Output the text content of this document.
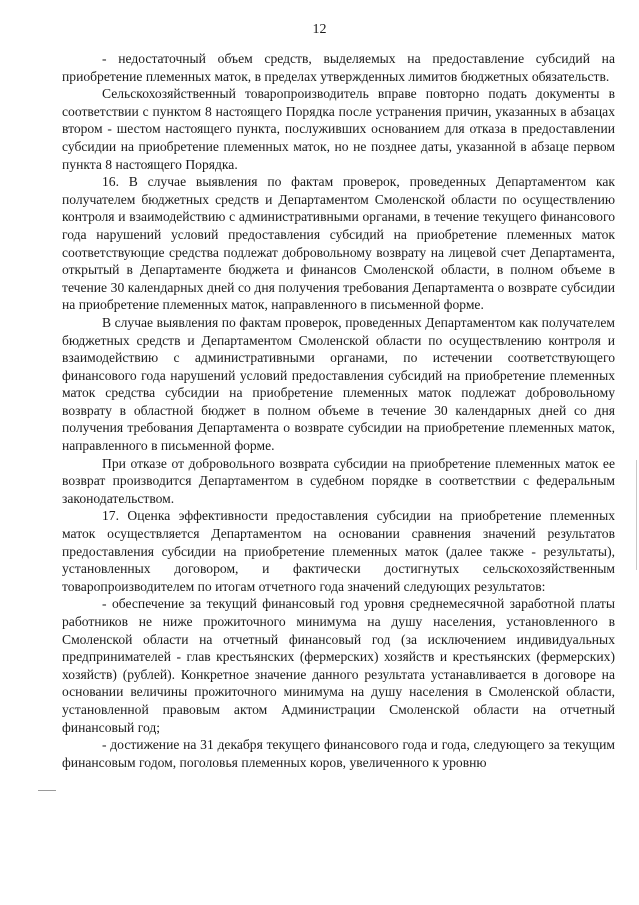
12

- недостаточный объем средств, выделяемых на предоставление субсидий на приобретение племенных маток, в пределах утвержденных лимитов бюджетных обязательств.

Сельскохозяйственный товаропроизводитель вправе повторно подать документы в соответствии с пунктом 8 настоящего Порядка после устранения причин, указанных в абзацах втором - шестом настоящего пункта, послуживших основанием для отказа в предоставлении субсидии на приобретение племенных маток, но не позднее даты, указанной в абзаце первом пункта 8 настоящего Порядка.

16. В случае выявления по фактам проверок, проведенных Департаментом как получателем бюджетных средств и Департаментом Смоленской области по осуществлению контроля и взаимодействию с административными органами, в течение текущего финансового года нарушений условий предоставления субсидий на приобретение племенных маток соответствующие средства подлежат добровольному возврату на лицевой счет Департамента, открытый в Департаменте бюджета и финансов Смоленской области, в полном объеме в течение 30 календарных дней со дня получения требования Департамента о возврате субсидии на приобретение племенных маток, направленного в письменной форме.

В случае выявления по фактам проверок, проведенных Департаментом как получателем бюджетных средств и Департаментом Смоленской области по осуществлению контроля и взаимодействию с административными органами, по истечении соответствующего финансового года нарушений условий предоставления субсидий на приобретение племенных маток средства субсидии на приобретение племенных маток подлежат добровольному возврату в областной бюджет в полном объеме в течение 30 календарных дней со дня получения требования Департамента о возврате субсидии на приобретение племенных маток, направленного в письменной форме.

При отказе от добровольного возврата субсидии на приобретение племенных маток ее возврат производится Департаментом в судебном порядке в соответствии с федеральным законодательством.

17. Оценка эффективности предоставления субсидии на приобретение племенных маток осуществляется Департаментом на основании сравнения значений результатов предоставления субсидии на приобретение племенных маток (далее также - результаты), установленных договором, и фактически достигнутых сельскохозяйственным товаропроизводителем по итогам отчетного года значений следующих результатов:

- обеспечение за текущий финансовый год уровня среднемесячной заработной платы работников не ниже прожиточного минимума на душу населения, установленного в Смоленской области на отчетный финансовый год (за исключением индивидуальных предпринимателей - глав крестьянских (фермерских) хозяйств и крестьянских (фермерских) хозяйств) (рублей). Конкретное значение данного результата устанавливается в договоре на основании величины прожиточного минимума на душу населения в Смоленской области, установленной правовым актом Администрации Смоленской области на отчетный финансовый год;

- достижение на 31 декабря текущего финансового года и года, следующего за текущим финансовым годом, поголовья племенных коров, увеличенного к уровню
